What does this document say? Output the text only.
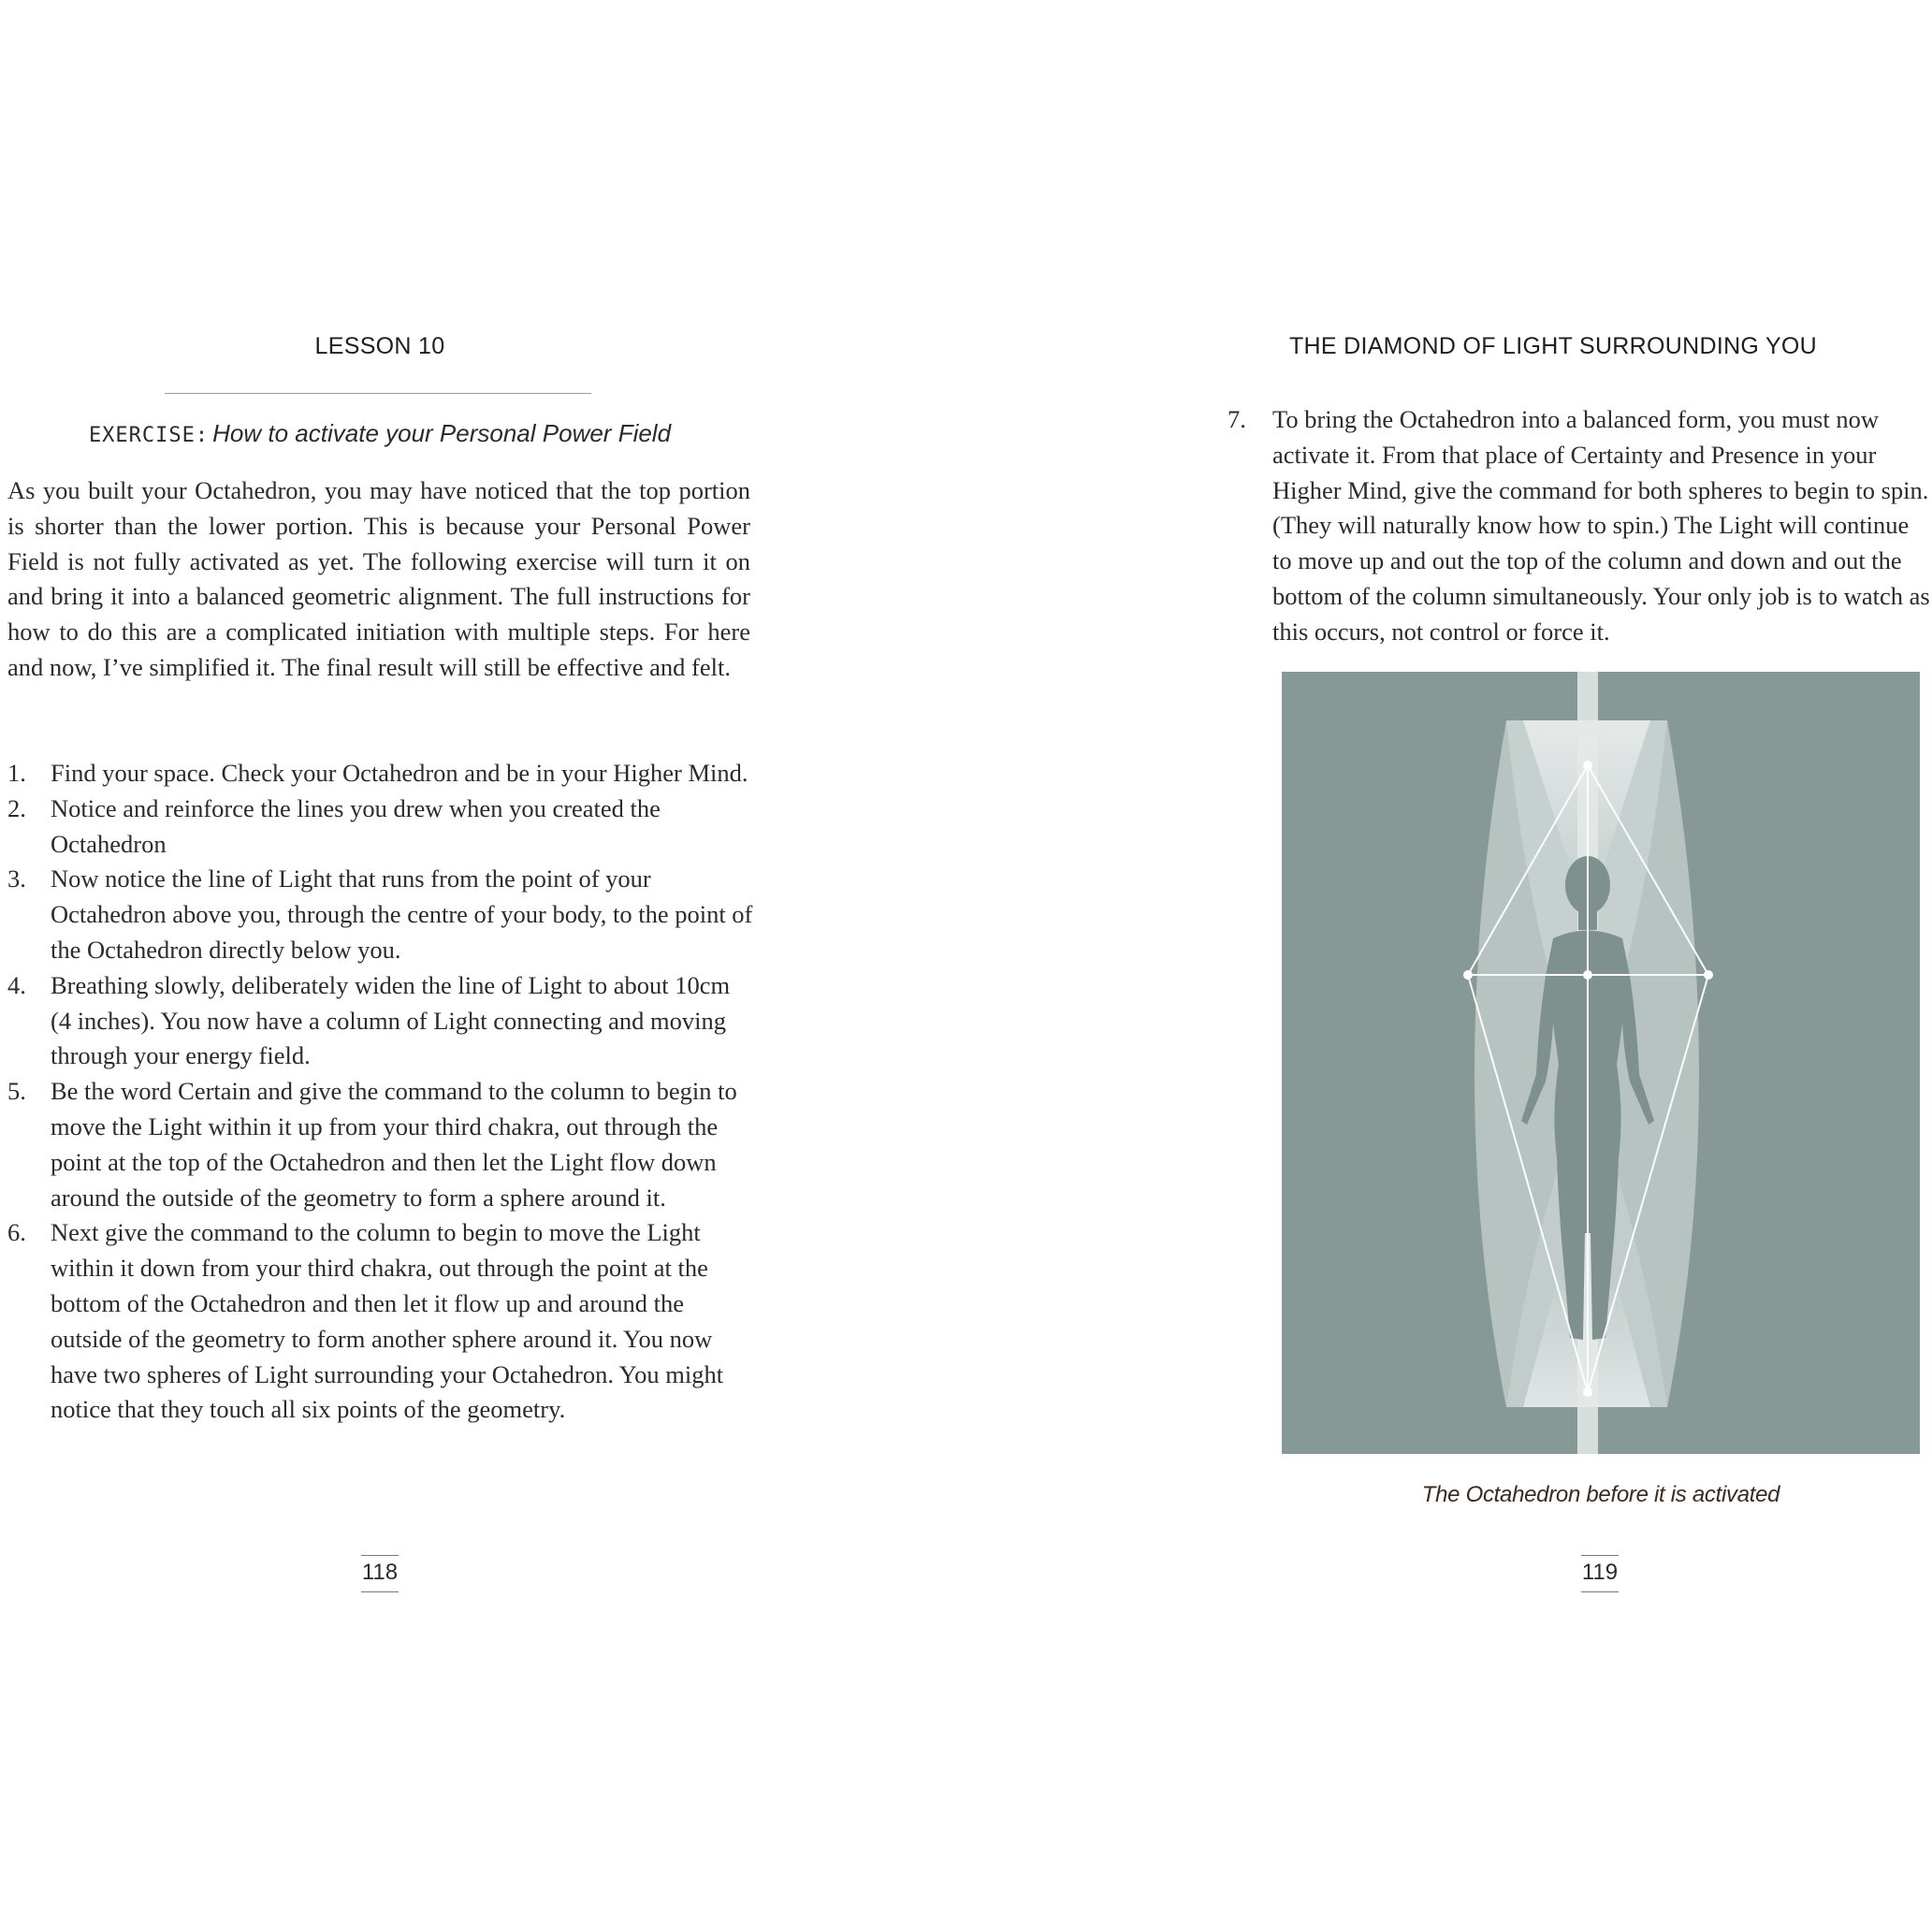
LESSON 10
EXERCISE: How to activate your Personal Power Field

As you built your Octahedron, you may have noticed that the top portion is shorter than the lower portion. This is because your Personal Power Field is not fully activated as yet. The following exercise will turn it on and bring it into a balanced geometric alignment. The full instructions for how to do this are a complicated initiation with multiple steps. For here and now, I’ve simplified it. The final result will still be effective and felt.

1. Find your space. Check your Octahedron and be in your Higher Mind.
2. Notice and reinforce the lines you drew when you created the Octahedron
3. Now notice the line of Light that runs from the point of your Octahedron above you, through the centre of your body, to the point of the Octahedron directly below you.
4. Breathing slowly, deliberately widen the line of Light to about 10cm (4 inches). You now have a column of Light connecting and moving through your energy field.
5. Be the word Certain and give the command to the column to begin to move the Light within it up from your third chakra, out through the point at the top of the Octahedron and then let the Light flow down around the outside of the geometry to form a sphere around it.
6. Next give the command to the column to begin to move the Light within it down from your third chakra, out through the point at the bottom of the Octahedron and then let it flow up and around the outside of the geometry to form another sphere around it. You now have two spheres of Light surrounding your Octahedron. You might notice that they touch all six points of the geometry.
118
THE DIAMOND OF LIGHT SURROUNDING YOU
7. To bring the Octahedron into a balanced form, you must now activate it. From that place of Certainty and Presence in your Higher Mind, give the command for both spheres to begin to spin. (They will naturally know how to spin.) The Light will continue to move up and out the top of the column and down and out the bottom of the column simultaneously. Your only job is to watch as this occurs, not control or force it.
The Octahedron before it is activated
119
